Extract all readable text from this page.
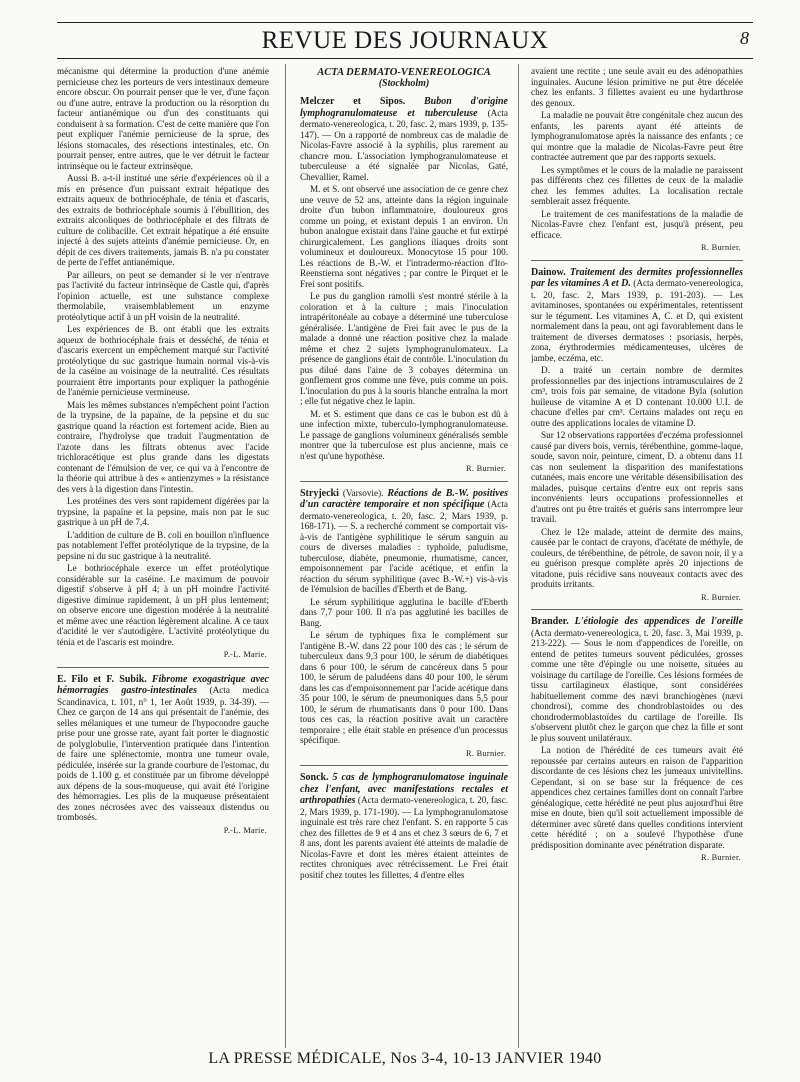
REVUE DES JOURNAUX	8

mécanisme qui détermine la production d'une anémie pernicieuse chez les porteurs de vers intestinaux demeure encore obscur. On pourrait penser que le ver, d'une façon ou d'une autre, entrave la production ou la résorption du facteur antianémique ou d'un des constituants qui conduisent à sa formation. C'est de cette manière que l'on peut expliquer l'anémie pernicieuse de la sprue, des lésions stomacales, des résections intestinales, etc. On pourrait penser, entre autres, que le ver détruit le facteur intrinsèque ou le facteur extrinsèque.

Aussi B. a-t-il institué une série d'expériences où il a mis en présence d'un puissant extrait hépatique des extraits aqueux de bothriocéphale, de ténia et d'ascaris, des extraits de bothriocéphale soumis à l'ébullition, des extraits alcooliques de bothriocéphale et des filtrats de culture de colibacille. Cet extrait hépatique a été ensuite injecté à des sujets atteints d'anémie pernicieuse. Or, en dépit de ces divers traitements, jamais B. n'a pu constater de perte de l'effet antianémique.

Par ailleurs, on peut se demander si le ver n'entrave pas l'activité du facteur intrinsèque de Castle qui, d'après l'opinion actuelle, est une substance complexe thermolabile, vraisemblablement un enzyme protéolytique actif à un pH voisin de la neutralité.

Les expériences de B. ont établi que les extraits aqueux de bothriocéphale frais et desséché, de ténia et d'ascaris exercent un empêchement marqué sur l'activité protéolytique du suc gastrique humain normal vis-à-vis de la caséine au voisinage de la neutralité. Ces résultats pourraient être importants pour expliquer la pathogénie de l'anémie pernicieuse vermineuse.

Mais les mêmes substances n'empêchent point l'action de la trypsine, de la papaïne, de la pepsine et du suc gastrique quand la réaction est fortement acide. Bien au contraire, l'hydrolyse que traduit l'augmentation de l'azote dans les filtrats obtenus avec l'acide trichloracétique est plus grande dans les digestats contenant de l'émulsion de ver, ce qui va à l'encontre de la théorie qui attribue à des « antienzymes » la résistance des vers à la digestion dans l'intestin.

Les protéines des vers sont rapidement digérées par la trypsine, la papaïne et la pepsine, mais non par le suc gastrique à un pH de 7,4.

L'addition de culture de B. coli en bouillon n'influence pas notablement l'effet protéolytique de la trypsine, de la pepsine ni du suc gastrique à la neutralité.

Le bothriocéphale exerce un effet protéolytique considérable sur la caséine. Le maximum de pouvoir digestif s'observe à pH 4; à un pH moindre l'activité digestive diminue rapidement, à un pH plus lentement; on observe encore une digestion modérée à la neutralité et même avec une réaction légèrement alcaline. A ce taux d'acidité le ver s'autodigère. L'activité protéolytique du ténia et de l'ascaris est moindre.

P.-L. Marie.

E. Filo et F. Subik. Fibrome exogastrique avec hémorragies gastro-intestinales (Acta medica Scandinavica, t. 101, n° 1, 1er Août 1939, p. 34-39). — Chez ce garçon de 14 ans qui présentait de l'anémie, des selles mélaniques et une tumeur de l'hypocondre gauche prise pour une grosse rate, ayant fait porter le diagnostic de polyglobulie, l'intervention pratiquée dans l'intention de faire une splénectomie, montra une tumeur ovale, pédiculée, insérée sur la grande courbure de l'estomac, du poids de 1.100 g. et constituée par un fibrome développé aux dépens de la sous-muqueuse, qui avait été l'origine des hémorragies. Les plis de la muqueuse présentaient des zones nécrosées avec des vaisseaux distendus ou trombosés.

P.-L. Marie.
ACTA DERMATO-VENEREOLOGICA
(Stockholm)

Melczer et Sipos. Bubon d'origine lymphogranulomateuse et tuberculeuse (Acta dermato-venereologica, t. 20, fasc. 2, mars 1939, p. 135-147). — On a rapporté de nombreux cas de maladie de Nicolas-Favre associé à la syphilis, plus rarement au chancre mou. L'association lymphogranulomateuse et tuberculeuse a été signalée par Nicolas, Gaté, Chevallier, Ramel.

M. et S. ont observé une association de ce genre chez une veuve de 52 ans, atteinte dans la région inguinale droite d'un bubon inflammatoire, douloureux gros comme un poing, et existant depuis 1 an environ. Un bubon analogue existait dans l'aine gauche et fut extirpé chirurgicalement. Les ganglions iliaques droits sont volumineux et douloureux. Monocytose 15 pour 100. Les réactions de B.-W. et l'intradermo-réaction d'Ito-Reenstierna sont négatives ; par contre le Pirquet et le Frei sont positifs.

Le pus du ganglion ramolli s'est montré stérile à la coloration et à la culture ; mais l'inoculation intrapéritonéale au cobaye a déterminé une tuberculose généralisée. L'antigène de Frei fait avec le pus de la malade a donné une réaction positive chez la malade même et chez 2 sujets lymphogranulomateux. La présence de ganglions était de contrôle. L'inoculation du pus dilué dans l'aine de 3 cobayes détermina un gonflement gros comme une fève, puis comme un pois. L'inoculation du pus à la souris blanche entraîna la mort ; elle fut négative chez le lapin.

M. et S. estiment que dans ce cas le bubon est dû à une infection mixte, tuberculo-lymphogranulomateuse. Le passage de ganglions volumineux généralisés semble montrer que la tuberculose est plus ancienne, mais ce n'est qu'une hypothèse.

R. Burnier.

Stryjecki (Varsovie). Réactions de B.-W. positives d'un caractère temporaire et non spécifique (Acta dermato-venereologica, t. 20, fasc. 2, Mars 1939, p. 168-171). — S. a recherché comment se comportait vis-à-vis de l'antigène syphilitique le sérum sanguin au cours de diverses maladies : typhoïde, paludisme, tuberculose, diabète, pneumonie, rhumatisme, cancer, empoisonnement par l'acide acétique, et enfin la réaction du sérum syphilitique (avec B.-W.+) vis-à-vis de l'émulsion de bacilles d'Eberth et de Bang.

Le sérum syphilitique agglutina le bacille d'Eberth dans 7,7 pour 100. Il n'a pas agglutiné les bacilles de Bang.

Le sérum de typhiques fixa le complément sur l'antigène B.-W. dans 22 pour 100 des cas ; le sérum de tuberculeux dans 9,3 pour 100, le sérum de diabétiques dans 6 pour 100, le sérum de cancéreux dans 5 pour 100, le sérum de paludéens dans 40 pour 100, le sérum dans les cas d'empoisonnement par l'acide acétique dans 35 pour 100, le sérum de pneumoniques dans 5,5 pour 100, le sérum de rhumatisants dans 0 pour 100. Dans tous ces cas, la réaction positive avait un caractère temporaire ; elle était stable en présence d'un processus spécifique.

R. Burnier.

Sonck. 5 cas de lymphogranulomatose inguinale chez l'enfant, avec manifestations rectales et arthropathies (Acta dermato-venereologica, t. 20, fasc. 2, Mars 1939, p. 171-190). — La lymphogranulomatose inguinale est très rare chez l'enfant. S. en rapporte 5 cas chez des fillettes de 9 et 4 ans et chez 3 sœurs de 6, 7 et 8 ans, dont les parents avaient été atteints de maladie de Nicolas-Favre et dont les mères étaient atteintes de rectites chroniques avec rétrécissement. Le Frei était positif chez toutes les fillettes. 4 d'entre elles

avaient une rectite ; une seule avait eu des adénopathies inguinales. Aucune lésion primitive ne put être décelée chez les enfants. 3 fillettes avaient eu une hydarthrose des genoux.

La maladie ne pouvait être congénitale chez aucun des enfants, les parents ayant été atteints de lymphogranulomatose après la naissance des enfants ; ce qui montre que la maladie de Nicolas-Favre peut être contractée autrement que par des rapports sexuels.

Les symptômes et le cours de la maladie ne paraissent pas différents chez ces fillettes de ceux de la maladie chez les femmes adultes. La localisation rectale semblerait assez fréquente.

Le traitement de ces manifestations de la maladie de Nicolas-Favre chez l'enfant est, jusqu'à présent, peu efficace.

R. Burnier.

Dainow. Traitement des dermites professionnelles par les vitamines A et D. (Acta dermato-venereologica, t. 20, fasc. 2, Mars 1939, p. 191-203). — Les avitaminoses, spontanées ou expérimentales, retentissent sur le tégument. Les vitamines A, C. et D, qui existent normalement dans la peau, ont agi favorablement dans le traitement de diverses dermatoses : psoriasis, herpès, zona, érythrodermies médicamenteuses, ulcères de jambe, eczéma, etc.

D. a traité un certain nombre de dermites professionnelles par des injections intramusculaires de 2 cm³, trois fois par semaine, de vitadone Byla (solution huileuse de vitamine A et D contenant 10.000 U.I. de chacune d'elles par cm³. Certains malades ont reçu en outre des applications locales de vitamine D.

Sur 12 observations rapportées d'eczéma professionnel causé par divers bois, vernis, térébenthine, gomme-laque, soude, savon noir, peinture, ciment, D. a obtenu dans 11 cas non seulement la disparition des manifestations cutanées, mais encore une véritable désensibilisation des malades, puisque certains d'entre eux ont repris sans inconvénients leurs occupations professionnelles et d'autres ont pu être traités et guéris sans interrompre leur travail.

Chez le 12e malade, atteint de dermite des mains, causée par le contact de crayons, d'acétate de méthyle, de couleurs, de térébenthine, de pétrole, de savon noir, il y a eu guérison presque complète après 20 injections de vitadone, puis récidive sans nouveaux contacts avec des produits irritants.

R. Burnier.

Brander. L'étiologie des appendices de l'oreille (Acta dermato-venereologica, t. 20, fasc. 3, Mai 1939, p. 213-222). — Sous le nom d'appendices de l'oreille, on entend de petites tumeurs souvent pédiculées, grosses comme une tête d'épingle ou une noisette, situées au voisinage du cartilage de l'oreille. Ces lésions formées de tissu cartilagineux élastique, sont considérées habituellement comme des nævi branchiogènes (nævi chondrosi), comme des chondroblastoïdes ou des chondrodermoblastoïdes du cartilage de l'oreille. Ils s'observent plutôt chez le garçon que chez la fille et sont le plus souvent unilatéraux.

La notion de l'hérédité de ces tumeurs avait été repoussée par certains auteurs en raison de l'apparition discordante de ces lésions chez les jumeaux univitellins. Cependant, si on se base sur la fréquence de ces appendices chez certaines familles dont on connaît l'arbre généalogique, cette hérédité ne peut plus aujourd'hui être mise en doute, bien qu'il soit actuellement impossible de déterminer avec sûreté dans quelles conditions intervient cette hérédité ; on a soulevé l'hypothèse d'une prédisposition dominante avec pénétration disparate.

R. Burnier.
LA PRESSE MÉDICALE, Nos 3-4, 10-13 JANVIER 1940
